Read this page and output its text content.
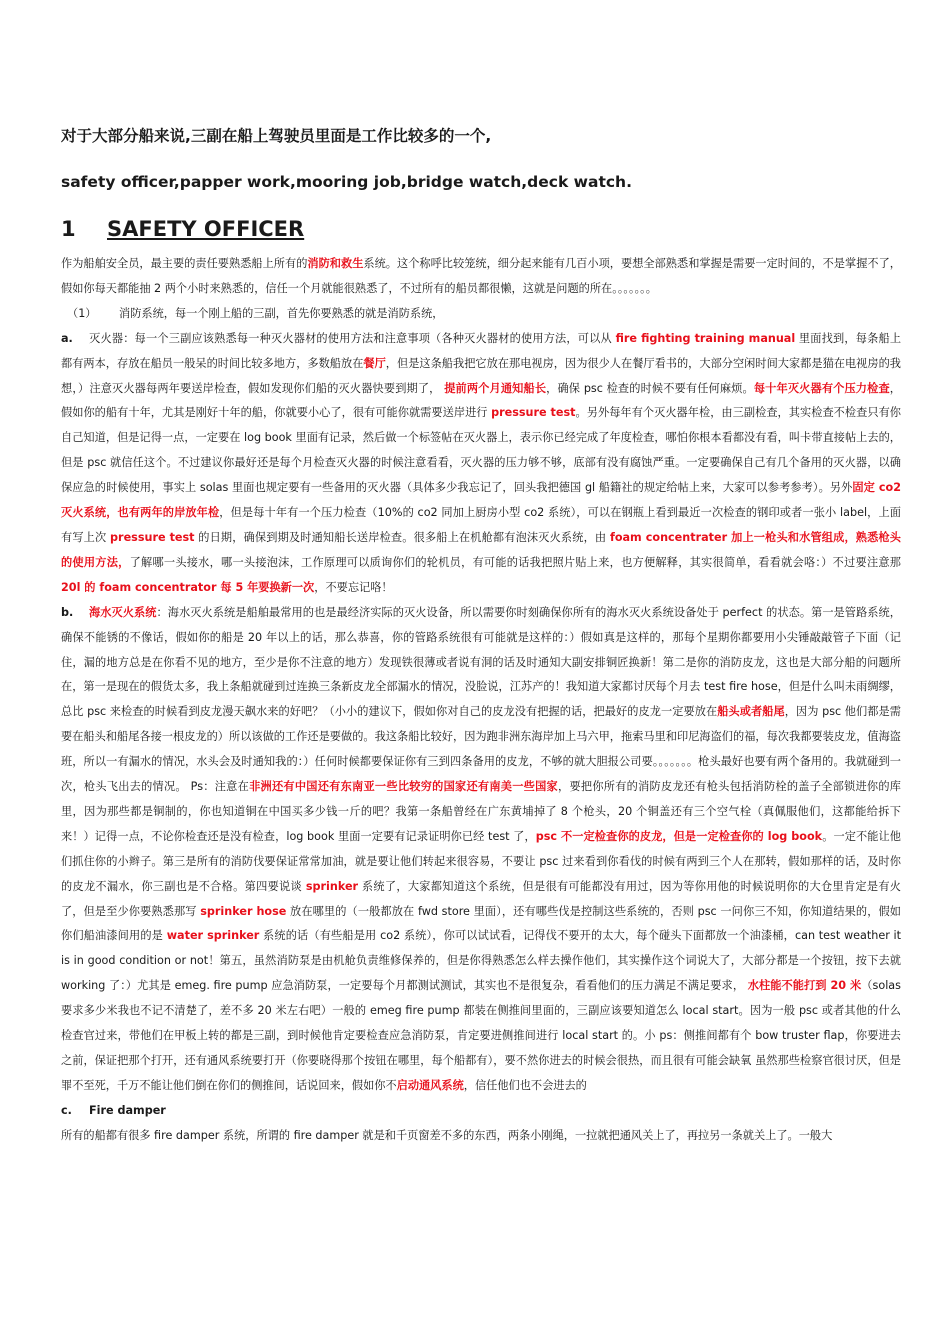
对于大部分船来说,三副在船上驾驶员里面是工作比较多的一个,

safety officer,papper work,mooring job,bridge watch,deck watch.

1 SAFETY OFFICER

作为船舶安全员，最主要的责任要熟悉船上所有的消防和救生系统。这个称呼比较笼统，细分起来能有几百小项，要想全部熟悉和掌握是需要一定时间的，不是掌握不了，假如你每天都能抽 2 两个小时来熟悉的，信任一个月就能很熟悉了，不过所有的船员都很懒，这就是问题的所在。。。。。。。

（1） 消防系统，每一个刚上船的三副，首先你要熟悉的就是消防系统，

a. 灭火器：每一个三副应该熟悉每一种灭火器材的使用方法和注意事项（各种灭火器材的使用方法，可以从 fire fighting training manual 里面找到，每条船上都有两本，存放在船员一般呆的时间比较多地方，多数船放在餐厅，但是这条船我把它放在那电视房，因为很少人在餐厅看书的，大部分空闲时间大家都是猫在电视房的我想，）注意灭火器每两年要送岸检查，假如发现你们船的灭火器快要到期了， 提前两个月通知船长，确保 psc 检查的时候不要有任何麻烦。每十年灭火器有个压力检查，假如你的船有十年，尤其是刚好十年的船，你就要小心了，很有可能你就需要送岸进行 pressure test。另外每年有个灭火器年检，由三副检查，其实检查不检查只有你自己知道，但是记得一点，一定要在 log book 里面有记录，然后做一个标签帖在灭火器上，表示你已经完成了年度检查，哪怕你根本看都没有看，叫卡带直接帖上去的，但是 psc 就信任这个。不过建议你最好还是每个月检查灭火器的时候注意看看，灭火器的压力够不够，底部有没有腐蚀严重。一定要确保自己有几个备用的灭火器，以确保应急的时候使用，事实上 solas 里面也规定要有一些备用的灭火器（具体多少我忘记了，回头我把德国 gl 船籍社的规定给帖上来，大家可以参考参考）。另外固定 co2 灭火系统，也有两年的岸放年检，但是每十年有一个压力检查（10%的 co2 同加上厨房小型 co2 系统），可以在钢瓶上看到最近一次检查的钢印或者一张小 label，上面有写上次 pressure test 的日期，确保到期及时通知船长送岸检查。很多船上在机舱都有泡沫灭火系统，由 foam concentrater 加上一枪头和水管组成，熟悉枪头的使用方法，了解哪一头接水，哪一头接泡沫，工作原理可以质询你们的轮机员，有可能的话我把照片贴上来，也方便解释，其实很简单，看看就会咯：）不过要注意那 20l 的 foam concentrator 每 5 年要换新一次，不要忘记咯！

b. 海水灭火系统：海水灭火系统是船舶最常用的也是最经济实际的灭火设备，所以需要你时刻确保你所有的海水灭火系统设备处于 perfect 的状态。第一是管路系统，确保不能锈的不像话，假如你的船是 20 年以上的话，那么恭喜，你的管路系统很有可能就是这样的：）假如真是这样的，那每个星期你都要用小尖锤敲敲管子下面（记住，漏的地方总是在你看不见的地方，至少是你不注意的地方）发现铁很薄或者说有洞的话及时通知大副安排铜匠换新！第二是你的消防皮龙，这也是大部分船的问题所在，第一是现在的假货太多，我上条船就碰到过连换三条新皮龙全部漏水的情况，没脸说，江苏产的！我知道大家都讨厌每个月去 test fire hose，但是什么叫未雨绸缪，总比 psc 来检查的时候看到皮龙漫天飙水来的好吧？（小小的建议下，假如你对自己的皮龙没有把握的话，把最好的皮龙一定要放在船头或者船尾，因为 psc 他们都是需要在船头和船尾各接一根皮龙的）所以该做的工作还是要做的。我这条船比较好，因为跑非洲东海岸加上马六甲，拖索马里和印尼海盗们的福，每次我都要装皮龙，值海盗班，所以一有漏水的情况，水头会及时通知我的：）任何时候都要保证你有三到四条备用的皮龙，不够的就大胆报公司要。。。。。。。枪头最好也要有两个备用的。我就碰到一次，枪头飞出去的情况。 Ps：注意在非洲还有中国还有东南亚一些比较穷的国家还有南美一些国家，要把你所有的消防皮龙还有枪头包括消防栓的盖子全部锁进你的库里，因为那些都是铜制的，你也知道铜在中国买多少钱一斤的吧？我第一条船曾经在广东黄埔掉了 8 个枪头，20 个铜盖还有三个空气栓（真佩服他们，这都能给拆下来！）记得一点，不论你检查还是没有检查，log book 里面一定要有记录证明你已经 test 了，psc 不一定检查你的皮龙，但是一定检查你的 log book。一定不能让他们抓住你的小辫子。第三是所有的消防伐要保证常常加油，就是要让他们转起来很容易，不要让 psc 过来看到你看伐的时候有两到三个人在那转，假如那样的话，及时你的皮龙不漏水，你三副也是不合格。第四要说谈 sprinker 系统了，大家都知道这个系统，但是很有可能都没有用过，因为等你用他的时候说明你的大仓里肯定是有火了，但是至少你要熟悉那写 sprinker hose 放在哪里的（一般都放在 fwd store 里面），还有哪些伐是控制这些系统的，否则 psc 一问你三不知，你知道结果的，假如你们船油漆间用的是 water sprinker 系统的话（有些船是用 co2 系统），你可以试试看，记得伐不要开的太大，每个碰头下面都放一个油漆桶，can test weather it is in good condition or not！第五，虽然消防泵是由机舱负责维修保养的，但是你得熟悉怎么样去操作他们，其实操作这个词说大了，大部分都是一个按钮，按下去就 working 了：）尤其是 emeg. fire pump 应急消防泵，一定要每个月都测试测试，其实也不是很复杂，看看他们的压力满足不满足要求， 水柱能不能打到 20 米（solas 要求多少米我也不记不清楚了，差不多 20 米左右吧）一般的 emeg fire pump 都装在侧推间里面的，三副应该要知道怎么 local start。因为一般 psc 或者其他的什么检查官过来，带他们在甲板上转的都是三副，到时候他肯定要检查应急消防泵，肯定要进侧推间进行 local start 的。小 ps：侧推间都有个 bow truster flap，你要进去之前，保证把那个打开，还有通风系统要打开（你要晓得那个按钮在哪里，每个船都有），要不然你进去的时候会很热，而且很有可能会缺氧 虽然那些检察官很讨厌，但是罪不至死，千万不能让他们倒在你们的侧推间，话说回来，假如你不启动通风系统，信任他们也不会进去的

c. Fire damper

所有的船都有很多 fire damper 系统，所谓的 fire damper 就是和千页窗差不多的东西，两条小刚绳，一拉就把通风关上了，再拉另一条就关上了。一般大
